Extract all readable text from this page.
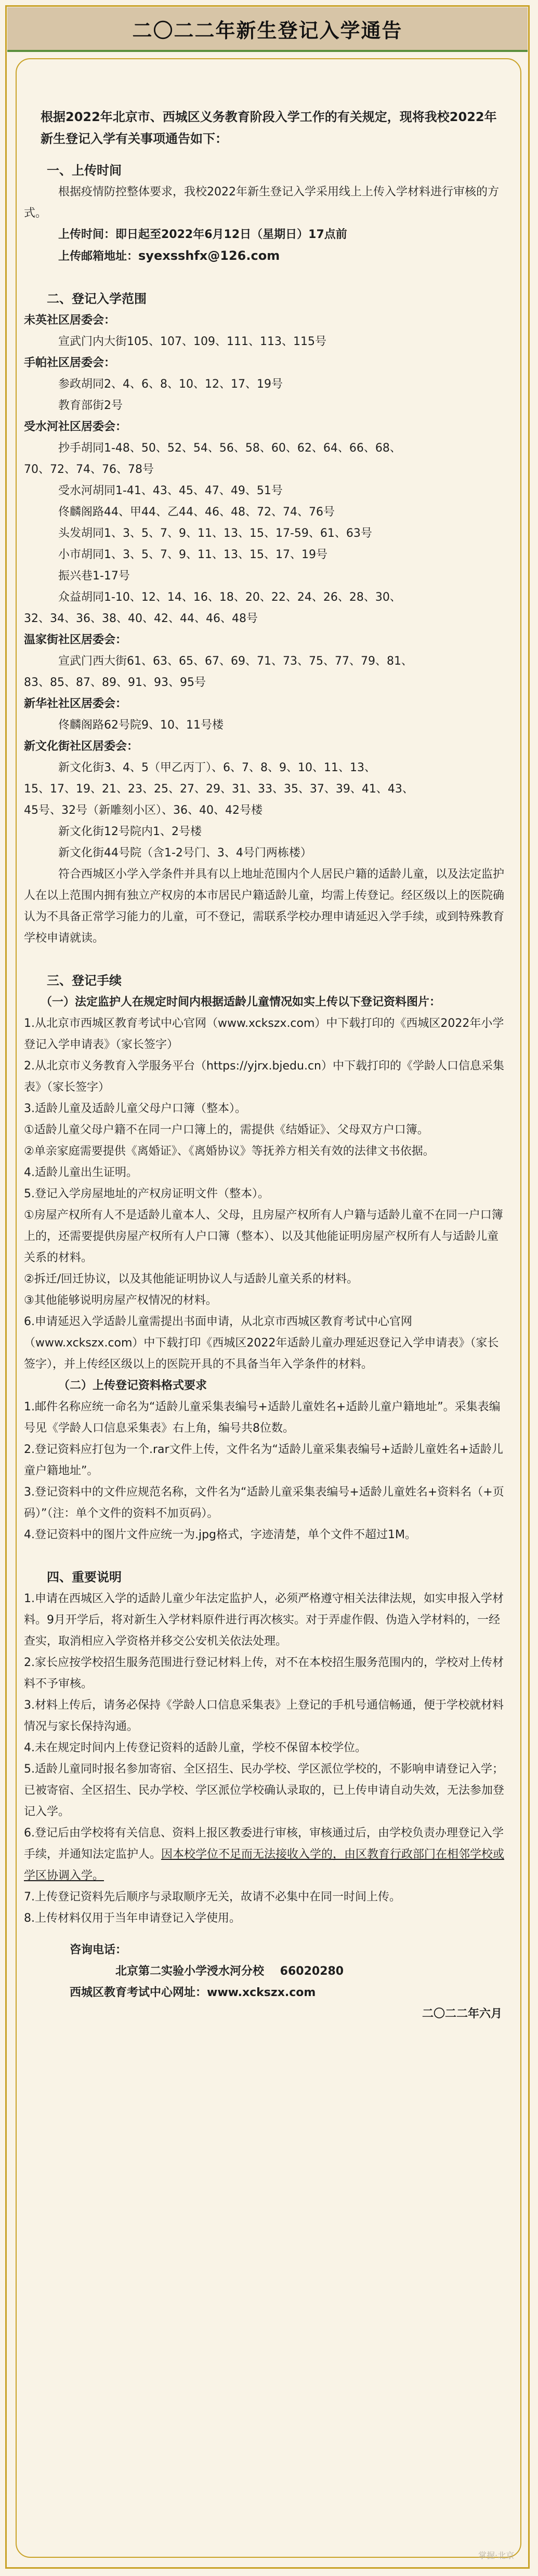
二〇二二年新生登记入学通告

根据2022年北京市、西城区义务教育阶段入学工作的有关规定，现将我校2022年新生登记入学有关事项通告如下：

一、上传时间

根据疫情防控整体要求，我校2022年新生登记入学采用线上上传入学材料进行审核的方式。

上传时间：即日起至2022年6月12日（星期日）17点前

上传邮箱地址：syexsshfx@126.com

二、登记入学范围

未英社区居委会：

宣武门内大街105、107、109、111、113、115号

手帕社区居委会：

参政胡同2、4、6、8、10、12、17、19号

教育部街2号

受水河社区居委会：

抄手胡同1-48、50、52、54、56、58、60、62、64、66、68、

70、72、74、76、78号

受水河胡同1-41、43、45、47、49、51号

佟麟阁路44、甲44、乙44、46、48、72、74、76号

头发胡同1、3、5、7、9、11、13、15、17-59、61、63号

小市胡同1、3、5、7、9、11、13、15、17、19号

振兴巷1-17号

众益胡同1-10、12、14、16、18、20、22、24、26、28、30、

32、34、36、38、40、42、44、46、48号

温家街社区居委会：

宣武门西大街61、63、65、67、69、71、73、75、77、79、81、

83、85、87、89、91、93、95号

新华社社区居委会：

佟麟阁路62号院9、10、11号楼

新文化街社区居委会：

新文化街3、4、5（甲乙丙丁）、6、7、8、9、10、11、13、

15、17、19、21、23、25、27、29、31、33、35、37、39、41、43、

45号、32号（新雕刻小区）、36、40、42号楼

新文化街12号院内1、2号楼

新文化街44号院（含1-2号门、3、4号门两栋楼）

符合西城区小学入学条件并具有以上地址范围内个人居民户籍的适龄儿童，以及法定监护人在以上范围内拥有独立产权房的本市居民户籍适龄儿童，均需上传登记。经区级以上的医院确认为不具备正常学习能力的儿童，可不登记，需联系学校办理申请延迟入学手续，或到特殊教育学校申请就读。

三、登记手续

（一）法定监护人在规定时间内根据适龄儿童情况如实上传以下登记资料图片：

1.从北京市西城区教育考试中心官网（www.xckszx.com）中下载打印的《西城区2022年小学登记入学申请表》（家长签字）

2.从北京市义务教育入学服务平台（https://yjrx.bjedu.cn）中下载打印的《学龄人口信息采集表》（家长签字）

3.适龄儿童及适龄儿童父母户口簿（整本）。

①适龄儿童父母户籍不在同一户口簿上的，需提供《结婚证》、父母双方户口簿。

②单亲家庭需要提供《离婚证》、《离婚协议》等抚养方相关有效的法律文书依据。

4.适龄儿童出生证明。

5.登记入学房屋地址的产权房证明文件（整本）。

①房屋产权所有人不是适龄儿童本人、父母，且房屋产权所有人户籍与适龄儿童不在同一户口簿上的，还需要提供房屋产权所有人户口簿（整本）、以及其他能证明房屋产权所有人与适龄儿童关系的材料。

②拆迁/回迁协议，以及其他能证明协议人与适龄儿童关系的材料。

③其他能够说明房屋产权情况的材料。

6.申请延迟入学适龄儿童需提出书面申请，从北京市西城区教育考试中心官网（www.xckszx.com）中下载打印《西城区2022年适龄儿童办理延迟登记入学申请表》（家长签字），并上传经区级以上的医院开具的不具备当年入学条件的材料。

（二）上传登记资料格式要求

1.邮件名称应统一命名为“适龄儿童采集表编号+适龄儿童姓名+适龄儿童户籍地址”。采集表编号见《学龄人口信息采集表》右上角，编号共8位数。

2.登记资料应打包为一个.rar文件上传，文件名为“适龄儿童采集表编号+适龄儿童姓名+适龄儿童户籍地址”。

3.登记资料中的文件应规范名称，文件名为“适龄儿童采集表编号+适龄儿童姓名+资料名（+页码）”（注：单个文件的资料不加页码）。

4.登记资料中的图片文件应统一为.jpg格式，字迹清楚，单个文件不超过1M。

四、重要说明

1.申请在西城区入学的适龄儿童少年法定监护人，必须严格遵守相关法律法规，如实申报入学材料。9月开学后，将对新生入学材料原件进行再次核实。对于弄虚作假、伪造入学材料的，一经查实，取消相应入学资格并移交公安机关依法处理。

2.家长应按学校招生服务范围进行登记材料上传，对不在本校招生服务范围内的，学校对上传材料不予审核。

3.材料上传后，请务必保持《学龄人口信息采集表》上登记的手机号通信畅通，便于学校就材料情况与家长保持沟通。

4.未在规定时间内上传登记资料的适龄儿童，学校不保留本校学位。

5.适龄儿童同时报名参加寄宿、全区招生、民办学校、学区派位学校的，不影响申请登记入学；已被寄宿、全区招生、民办学校、学区派位学校确认录取的，已上传申请自动失效，无法参加登记入学。

6.登记后由学校将有关信息、资料上报区教委进行审核，审核通过后，由学校负责办理登记入学手续，并通知法定监护人。因本校学位不足而无法接收入学的，由区教育行政部门在相邻学校或学区协调入学。

7.上传登记资料先后顺序与录取顺序无关，故请不必集中在同一时间上传。

8.上传材料仅用于当年申请登记入学使用。

咨询电话：

北京第二实验小学涭水河分校 66020280

西城区教育考试中心网址：www.xckszx.com

二〇二二年六月

掌握·北京
